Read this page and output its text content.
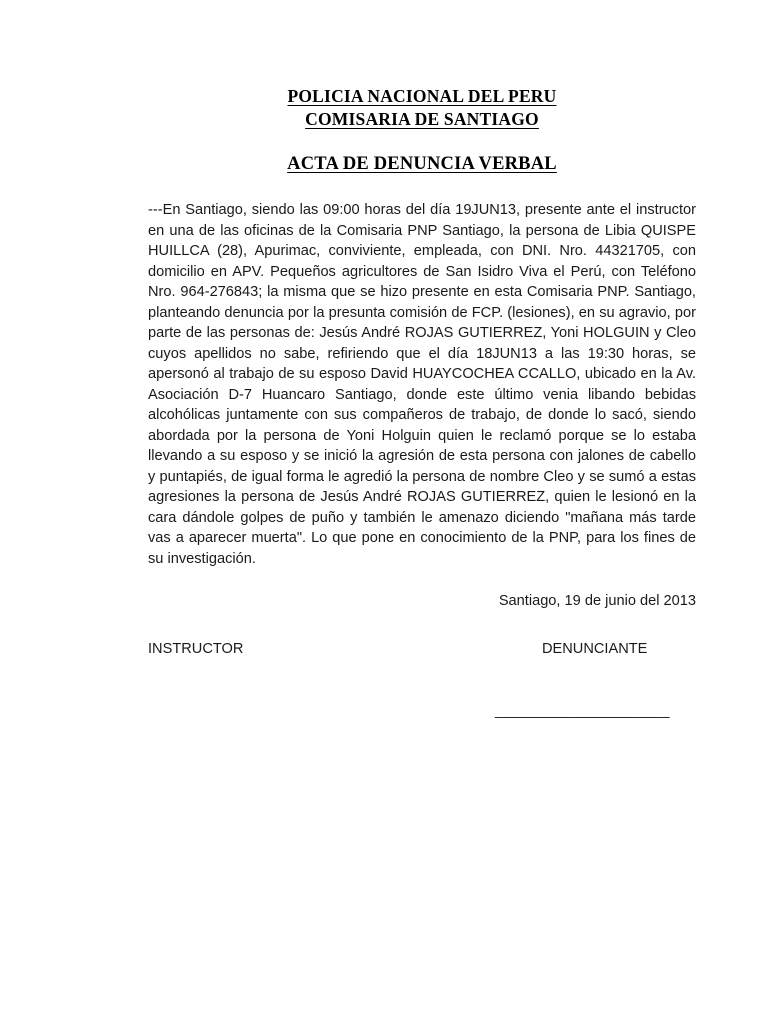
POLICIA NACIONAL DEL PERU
COMISARIA DE SANTIAGO
ACTA DE DENUNCIA VERBAL

---En Santiago, siendo las 09:00 horas del día 19JUN13, presente ante el instructor en una de las oficinas de la Comisaria PNP Santiago, la persona de Libia QUISPE HUILLCA (28), Apurimac, conviviente, empleada, con DNI. Nro. 44321705, con domicilio en APV. Pequeños agricultores de San Isidro Viva el Perú, con Teléfono Nro. 964-276843; la misma que se hizo presente en esta Comisaria PNP. Santiago, planteando denuncia por la presunta comisión de FCP. (lesiones), en su agravio, por parte de las personas de: Jesús André ROJAS GUTIERREZ, Yoni HOLGUIN y Cleo cuyos apellidos no sabe, refiriendo que el día 18JUN13 a las 19:30 horas, se apersonó al trabajo de su esposo David HUAYCOCHEA CCALLO, ubicado en la Av. Asociación D-7 Huancaro Santiago, donde este último venia libando bebidas alcohólicas juntamente con sus compañeros de trabajo, de donde lo sacó, siendo abordada por la persona de Yoni Holguin quien le reclamó porque se lo estaba llevando a su esposo y se inició la agresión de esta persona con jalones de cabello y puntapiés, de igual forma le agredió la persona de nombre Cleo y se sumó a estas agresiones la persona de Jesús André ROJAS GUTIERREZ, quien le lesionó en la cara dándole golpes de puño y también le amenazo diciendo "mañana más tarde vas a aparecer muerta". Lo que pone en conocimiento de la PNP, para los fines de su investigación.

Santiago, 19 de junio del 2013
INSTRUCTOR	DENUNCIANTE
_____________________
